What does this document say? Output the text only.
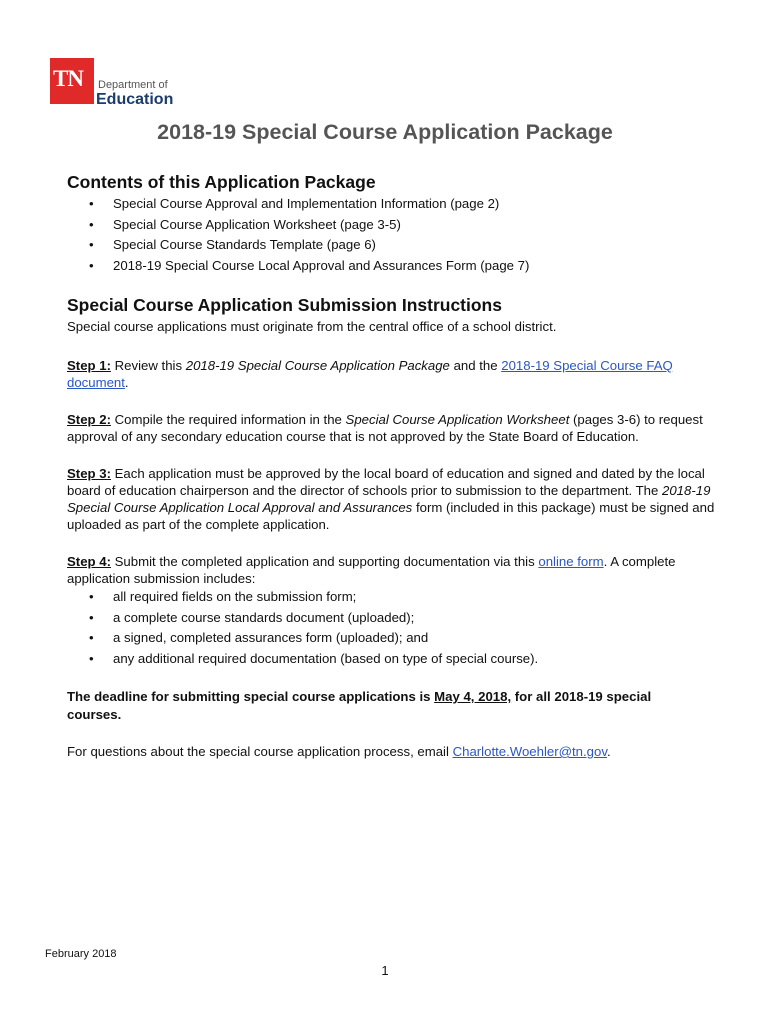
TN Department of
Education
2018-19 Special Course Application Package
Contents of this Application Package
• Special Course Approval and Implementation Information (page 2)
• Special Course Application Worksheet (page 3-5)
• Special Course Standards Template (page 6)
• 2018-19 Special Course Local Approval and Assurances Form (page 7)
Special Course Application Submission Instructions
Special course applications must originate from the central office of a school district.
Step 1: Review this 2018-19 Special Course Application Package and the 2018-19 Special Course FAQ document.
Step 2: Compile the required information in the Special Course Application Worksheet (pages 3-6) to request approval of any secondary education course that is not approved by the State Board of Education.
Step 3: Each application must be approved by the local board of education and signed and dated by the local board of education chairperson and the director of schools prior to submission to the department. The 2018-19 Special Course Application Local Approval and Assurances form (included in this package) must be signed and uploaded as part of the complete application.
Step 4: Submit the completed application and supporting documentation via this online form. A complete application submission includes:
• all required fields on the submission form;
• a complete course standards document (uploaded);
• a signed, completed assurances form (uploaded); and
• any additional required documentation (based on type of special course).
The deadline for submitting special course applications is May 4, 2018, for all 2018-19 special courses.
For questions about the special course application process, email Charlotte.Woehler@tn.gov.
February 2018
1
